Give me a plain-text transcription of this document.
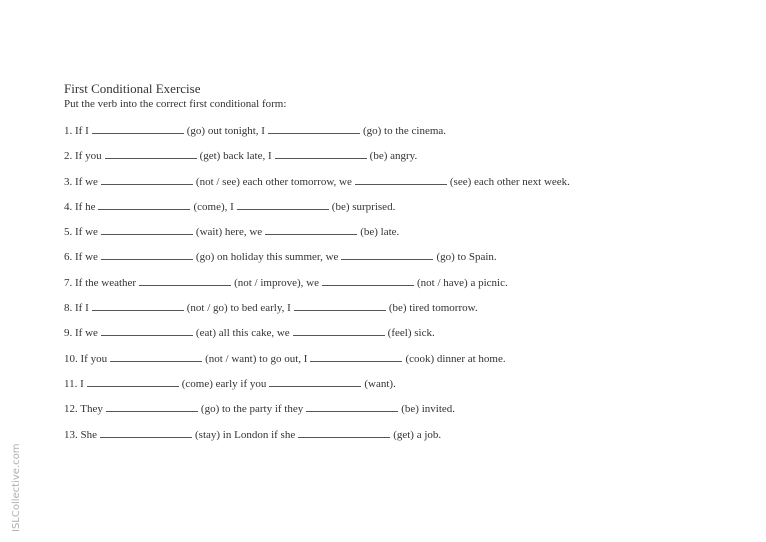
First Conditional Exercise

Put the verb into the correct first conditional form:

1. If I	(go) out tonight, I	(go) to the cinema.
2. If you	(get) back late, I	(be) angry.
3. If we	(not / see) each other tomorrow, we	(see) each other next week.
4. If he	(come), I	(be) surprised.
5. If we	(wait) here, we	(be) late.
6. If we	(go) on holiday this summer, we	(go) to Spain.
7. If the weather	(not / improve), we	(not / have) a picnic.
8. If I	(not / go) to bed early, I	(be) tired tomorrow.
9. If we	(eat) all this cake, we	(feel) sick.
10. If you	(not / want) to go out, I	(cook) dinner at home.
11. I	(come) early if you	(want).
12. They	(go) to the party if they	(be) invited.
13. She	(stay) in London if she	(get) a job.
ISLCollective.com
